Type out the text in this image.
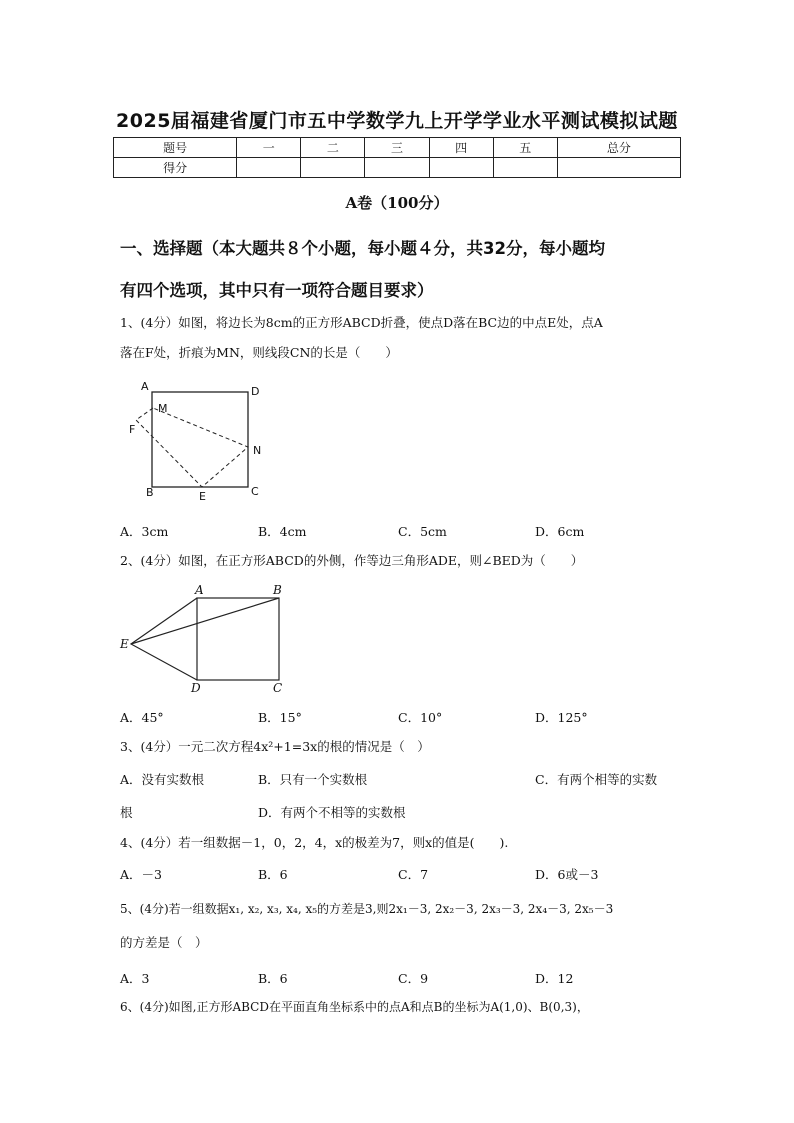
2025届福建省厦门市五中学数学九上开学学业水平测试模拟试题
题号	一	二	三	四	五	总分
得分						
A卷（100分）
一、选择题（本大题共８个小题，每小题４分，共32分，每小题均
有四个选项，其中只有一项符合题目要求）
1、(4分）如图，将边长为8cm的正方形ABCD折叠，使点D落在BC边的中点E处，点A
落在F处，折痕为MN，则线段CN的长是（　　）
A	D
M
F
N
B	E	C
A．3cm	B．4cm	C．5cm	D．6cm
2、(4分）如图，在正方形ABCD的外侧，作等边三角形ADE，则∠BED为（　　）
A	B
E
D	C
A．45°	B．15°	C．10°	D．125°
3、(4分）一元二次方程4x²+1=3x的根的情况是（　）
A．没有实数根	B．只有一个实数根	C．有两个相等的实数
根	D．有两个不相等的实数根
4、(4分）若一组数据－1，0，2，4，x的极差为7，则x的值是(　　).
A．－3	B．6	C．7	D．6或－3
5、(4分)若一组数据x₁, x₂, x₃, x₄, x₅的方差是3,则2x₁－3, 2x₂－3, 2x₃－3, 2x₄－3, 2x₅－3
的方差是（　）
A．3	B．6	C．9	D．12
6、(4分)如图,正方形ABCD在平面直角坐标系中的点A和点B的坐标为A(1,0)、B(0,3)，
